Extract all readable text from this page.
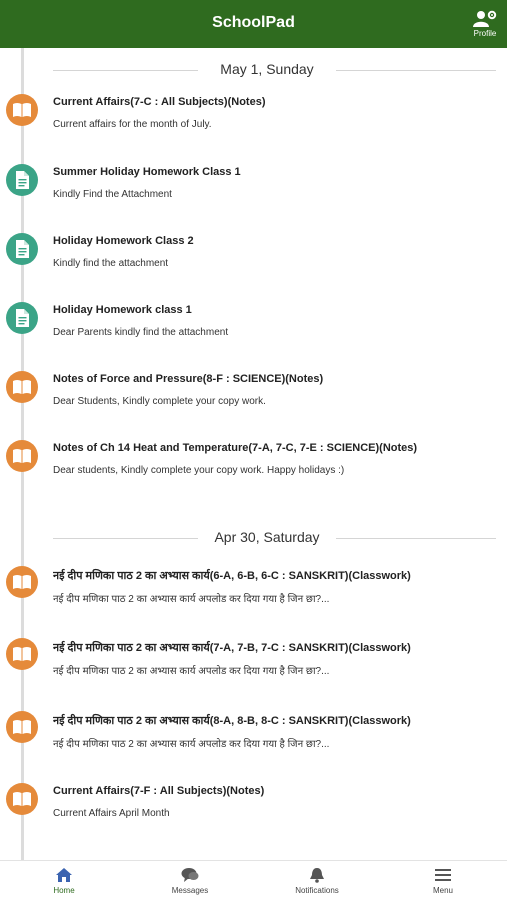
SchoolPad
Profile
May 1, Sunday
Current Affairs(7-C : All Subjects)(Notes)
Current affairs for the month of July.
Summer Holiday Homework Class 1
Kindly Find the Attachment
Holiday Homework Class 2
Kindly find the attachment
Holiday Homework class 1
Dear Parents kindly find the attachment
Notes of Force and Pressure(8-F : SCIENCE)(Notes)
Dear Students, Kindly complete your copy work.
Notes of Ch 14 Heat and Temperature(7-A, 7-C, 7-E : SCIENCE)(Notes)
Dear students, Kindly complete your copy work. Happy holidays :)
Apr 30, Saturday
नई दीप मणिका पाठ 2 का अभ्यास कार्य(6-A, 6-B, 6-C : SANSKRIT)(Classwork)
नई दीप मणिका पाठ 2 का अभ्यास कार्य अपलोड कर दिया गया है जिन छा?...
नई दीप मणिका पाठ 2 का अभ्यास कार्य(7-A, 7-B, 7-C : SANSKRIT)(Classwork)
नई दीप मणिका पाठ 2 का अभ्यास कार्य अपलोड कर दिया गया है जिन छा?...
नई दीप मणिका पाठ 2 का अभ्यास कार्य(8-A, 8-B, 8-C : SANSKRIT)(Classwork)
नई दीप मणिका पाठ 2 का अभ्यास कार्य अपलोड कर दिया गया है जिन छा?...
Current Affairs(7-F : All Subjects)(Notes)
Current Affairs April Month
Home	Messages	Notifications	Menu
